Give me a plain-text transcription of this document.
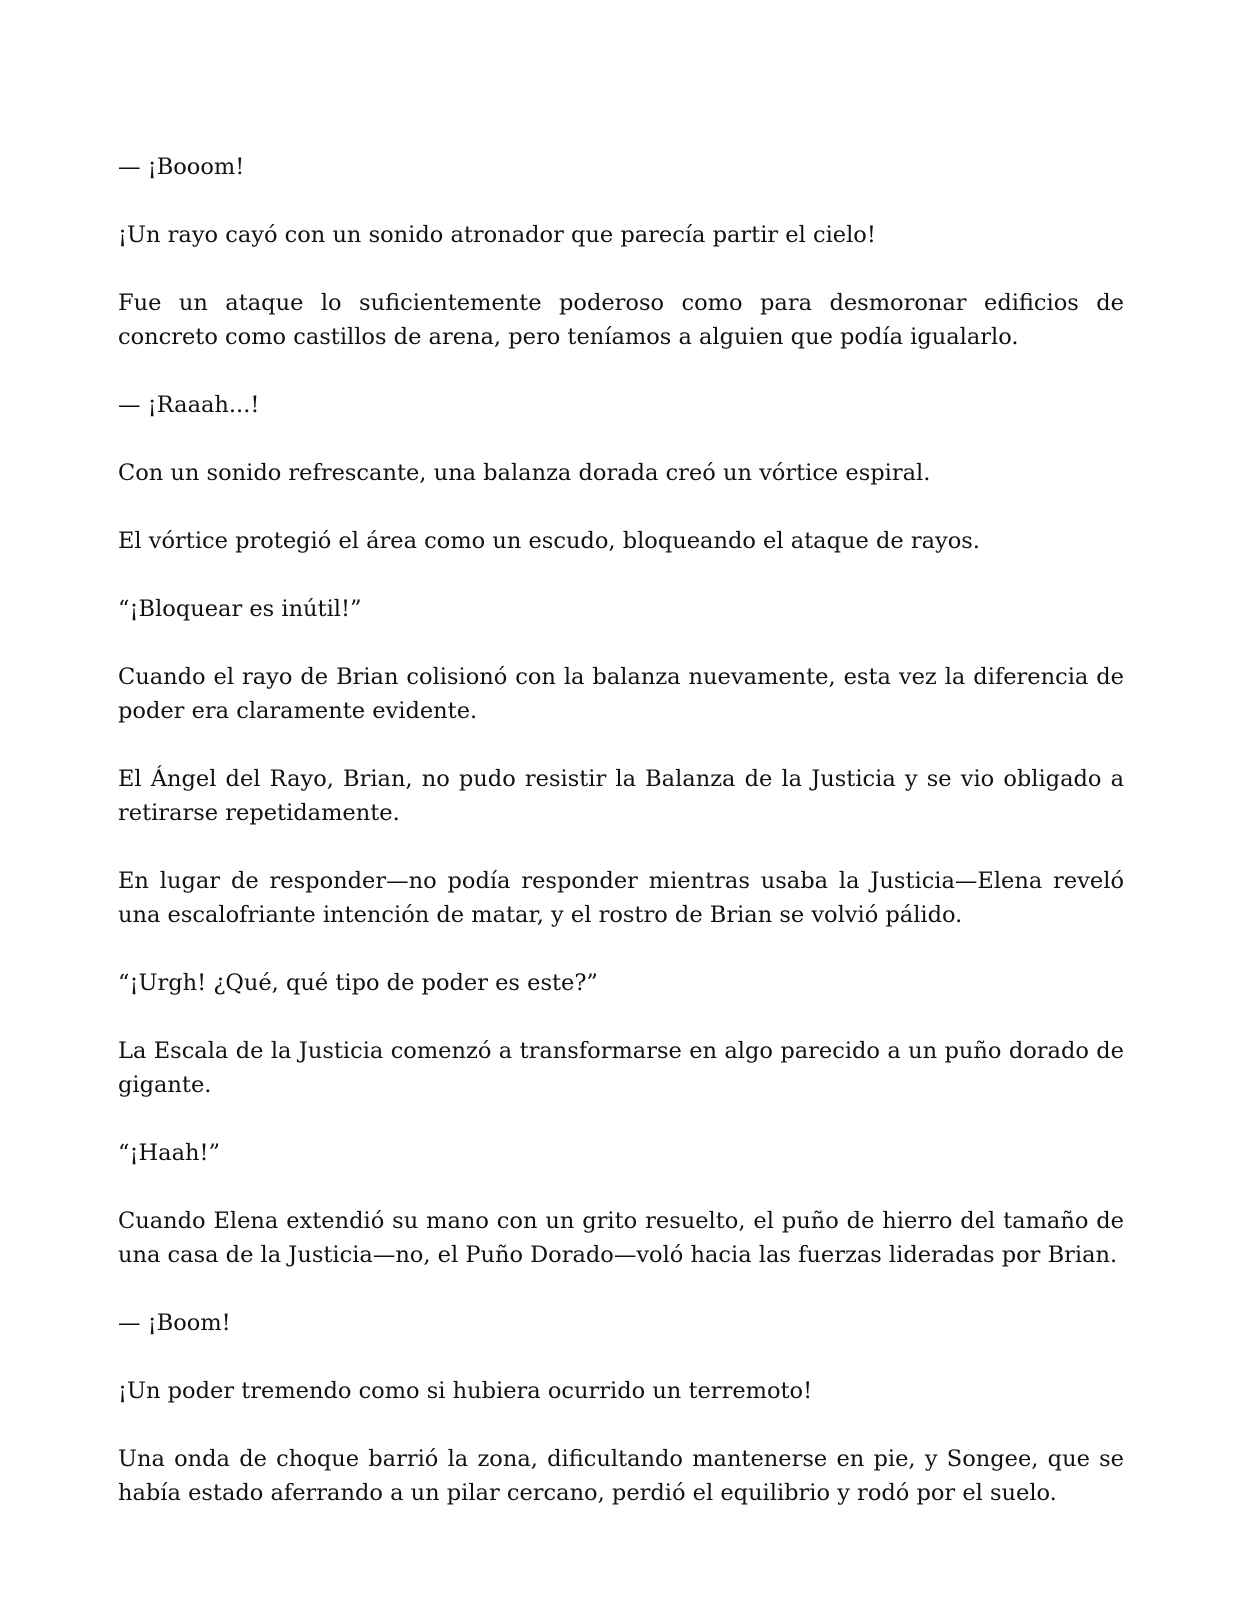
— ¡Booom!

¡Un rayo cayó con un sonido atronador que parecía partir el cielo!

Fue un ataque lo suficientemente poderoso como para desmoronar edificios de concreto como castillos de arena, pero teníamos a alguien que podía igualarlo.

— ¡Raaah...!

Con un sonido refrescante, una balanza dorada creó un vórtice espiral.

El vórtice protegió el área como un escudo, bloqueando el ataque de rayos.

“¡Bloquear es inútil!”

Cuando el rayo de Brian colisionó con la balanza nuevamente, esta vez la diferencia de poder era claramente evidente.

El Ángel del Rayo, Brian, no pudo resistir la Balanza de la Justicia y se vio obligado a retirarse repetidamente.

En lugar de responder—no podía responder mientras usaba la Justicia—Elena reveló una escalofriante intención de matar, y el rostro de Brian se volvió pálido.

“¡Urgh! ¿Qué, qué tipo de poder es este?”

La Escala de la Justicia comenzó a transformarse en algo parecido a un puño dorado de gigante.

“¡Haah!”

Cuando Elena extendió su mano con un grito resuelto, el puño de hierro del tamaño de una casa de la Justicia—no, el Puño Dorado—voló hacia las fuerzas lideradas por Brian.

— ¡Boom!

¡Un poder tremendo como si hubiera ocurrido un terremoto!

Una onda de choque barrió la zona, dificultando mantenerse en pie, y Songee, que se había estado aferrando a un pilar cercano, perdió el equilibrio y rodó por el suelo.
